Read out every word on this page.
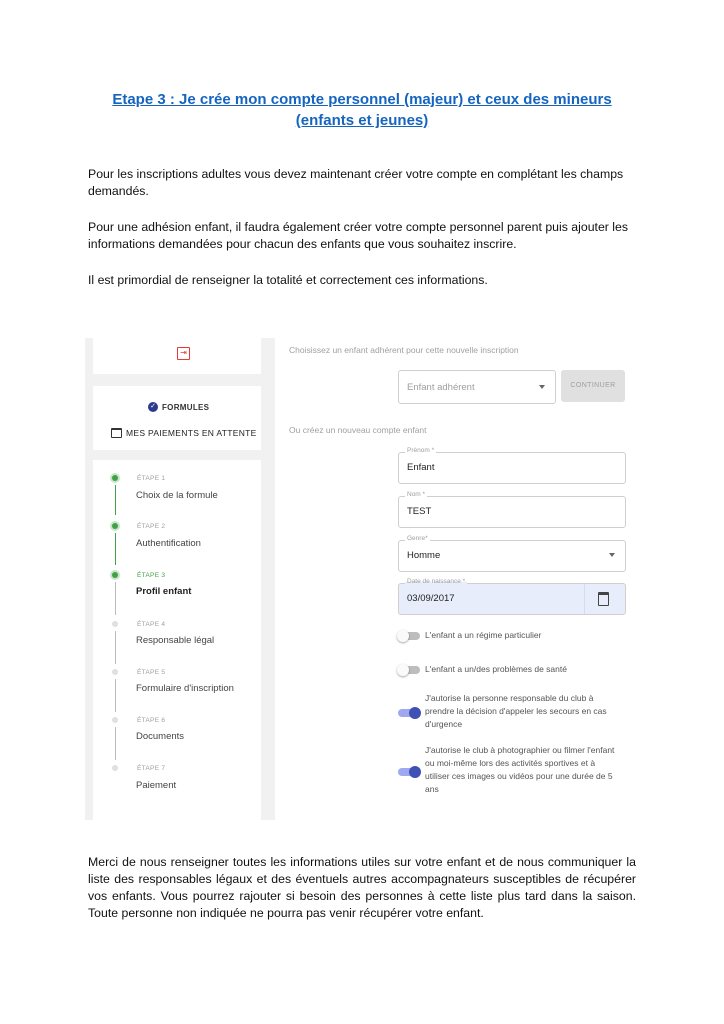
Etape 3 : Je crée mon compte personnel (majeur) et ceux des mineurs
(enfants et jeunes)
Pour les inscriptions adultes vous devez maintenant créer votre compte en complétant les champs demandés.
Pour une adhésion enfant, il faudra également créer votre compte personnel parent puis ajouter les informations demandées pour chacun des enfants que vous souhaitez inscrire.
Il est primordial de renseigner la totalité et correctement ces informations.
⇥
✓ FORMULES
MES PAIEMENTS EN ATTENTE
ÉTAPE 1
Choix de la formule
ÉTAPE 2
Authentification
ÉTAPE 3
Profil enfant
ÉTAPE 4
Responsable légal
ÉTAPE 5
Formulaire d'inscription
ÉTAPE 6
Documents
ÉTAPE 7
Paiement
Choisissez un enfant adhérent pour cette nouvelle inscription
Enfant adhérent	CONTINUER
Ou créez un nouveau compte enfant
Prénom *
Enfant
Nom *
TEST
Genre*
Homme
Date de naissance *
03/09/2017
L'enfant a un régime particulier
L'enfant a un/des problèmes de santé
J'autorise la personne responsable du club à prendre la décision d'appeler les secours en cas d'urgence
J'autorise le club à photographier ou filmer l'enfant ou moi-même lors des activités sportives et à utiliser ces images ou vidéos pour une durée de 5 ans
Merci de nous renseigner toutes les informations utiles sur votre enfant et de nous communiquer la liste des responsables légaux et des éventuels autres accompagnateurs susceptibles de récupérer vos enfants. Vous pourrez rajouter si besoin des personnes à cette liste plus tard dans la saison. Toute personne non indiquée ne pourra pas venir récupérer votre enfant.
